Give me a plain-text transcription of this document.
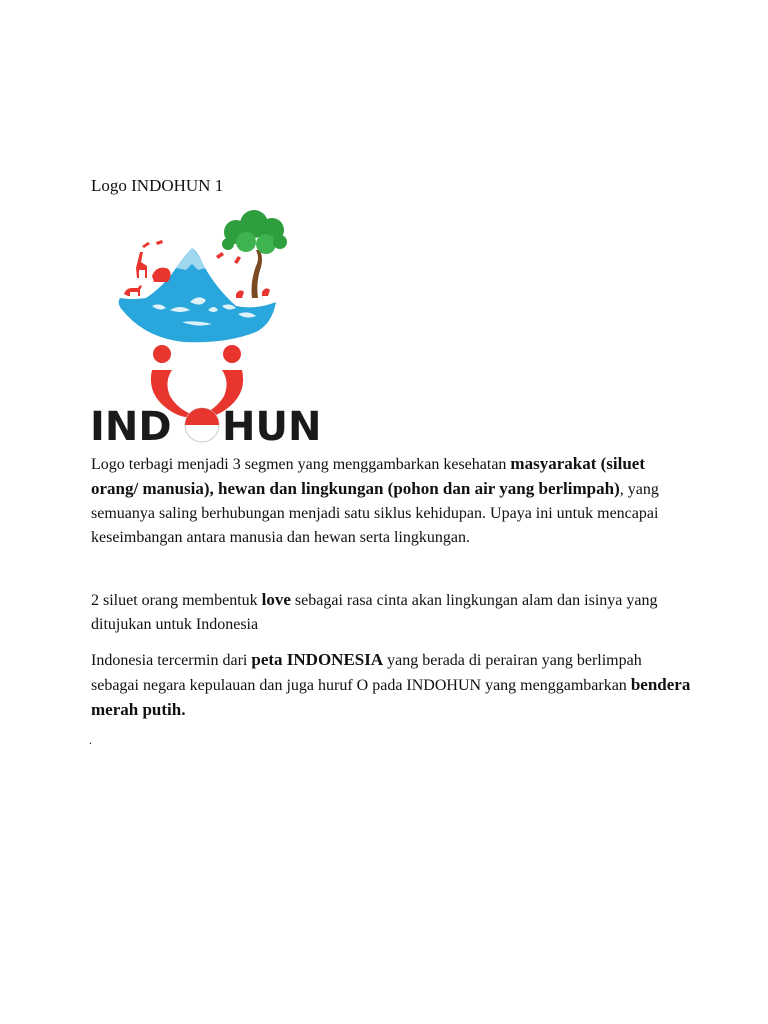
Logo INDOHUN 1
IND HUN

Logo terbagi menjadi 3 segmen yang menggambarkan kesehatan masyarakat (siluet orang/ manusia), hewan dan lingkungan (pohon dan air yang berlimpah), yang semuanya saling berhubungan menjadi satu siklus kehidupan. Upaya ini untuk mencapai keseimbangan antara manusia dan hewan serta lingkungan.

2 siluet orang membentuk love sebagai rasa cinta akan lingkungan alam dan isinya yang ditujukan untuk Indonesia

Indonesia tercermin dari peta INDONESIA yang berada di perairan yang berlimpah sebagai negara kepulauan dan juga huruf O pada INDOHUN yang menggambarkan bendera merah putih.

.
